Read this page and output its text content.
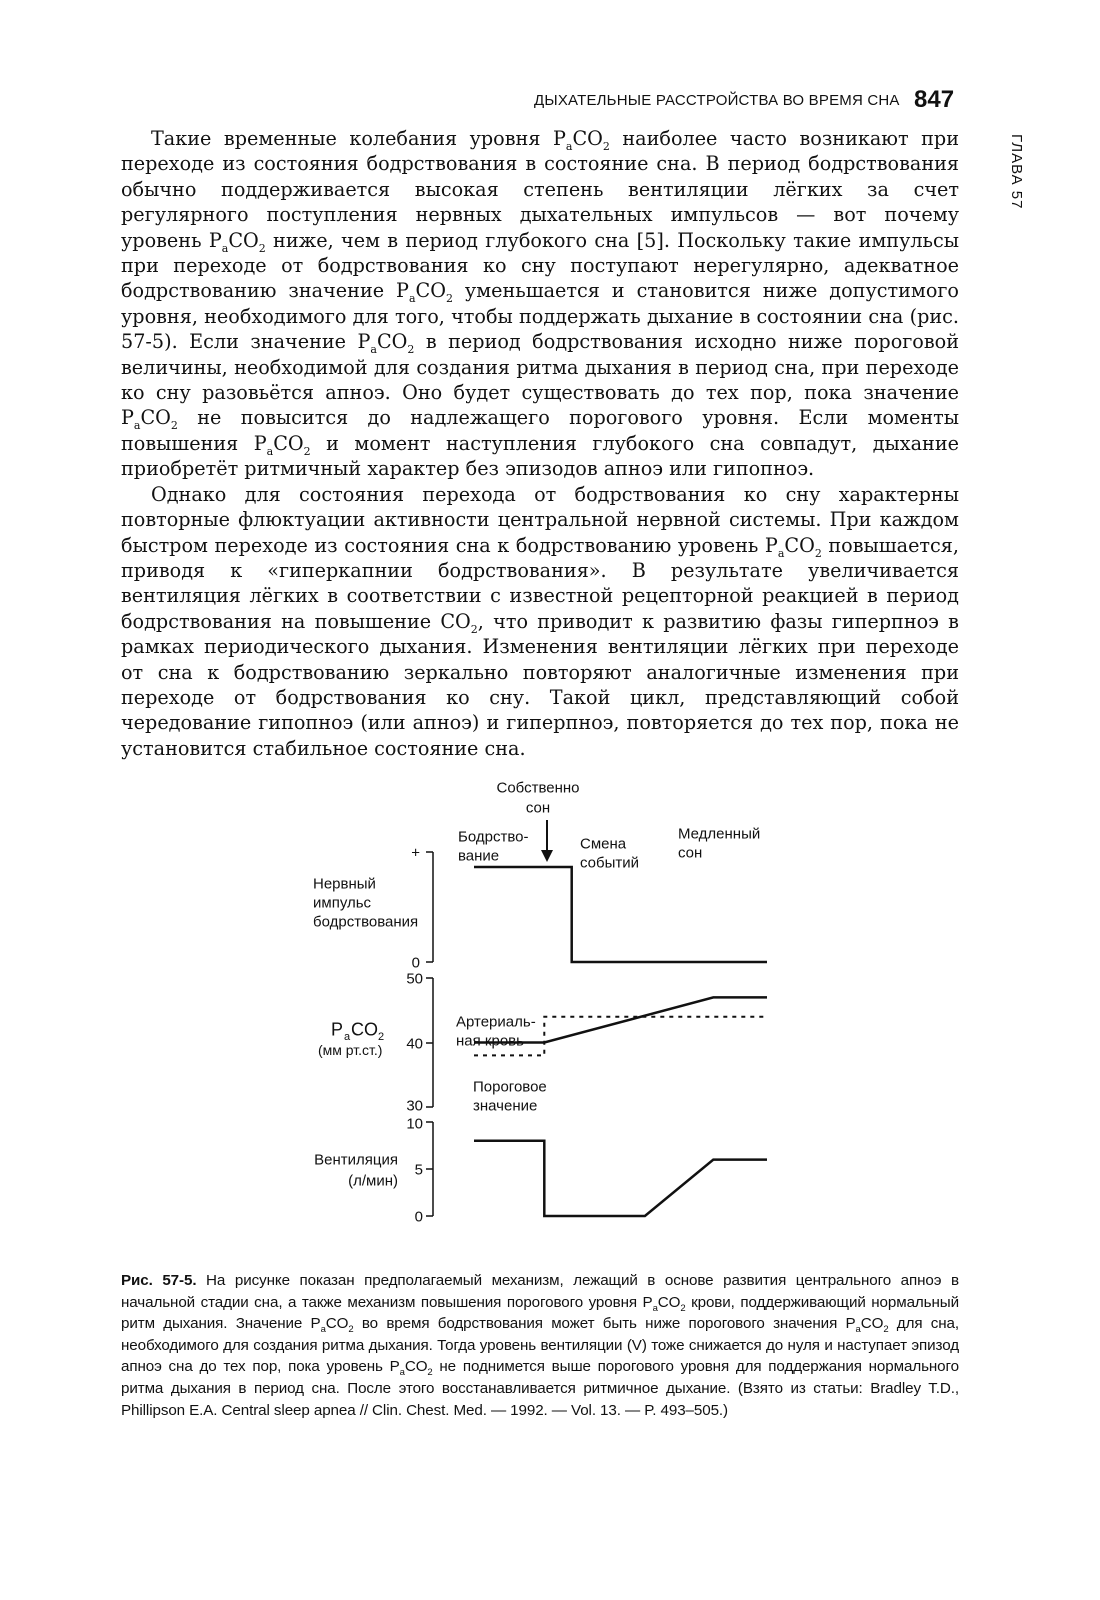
ДЫХАТЕЛЬНЫЕ РАССТРОЙСТВА ВО ВРЕМЯ СНА 847
ГЛАВА 57

Такие временные колебания уровня $P_aCO_2$ наиболее часто возникают при переходе из состояния бодрствования в состояние сна. В период бодрствования обычно поддерживается высокая степень вентиляции лёгких за счет регулярного поступления нервных дыхательных импульсов — вот почему уровень $P_aCO_2$ ниже, чем в период глубокого сна [5]. Поскольку такие импульсы при переходе от бодрствования ко сну поступают нерегулярно, адекватное бодрствованию значение $P_aCO_2$ уменьшается и становится ниже допустимого уровня, необходимого для того, чтобы поддержать дыхание в состоянии сна (рис. 57-5). Если значение $P_aCO_2$ в период бодрствования исходно ниже пороговой величины, необходимой для создания ритма дыхания в период сна, при переходе ко сну разовьётся апноэ. Оно будет существовать до тех пор, пока значение $P_aCO_2$ не повысится до надлежащего порогового уровня. Если моменты повышения $P_aCO_2$ и момент наступления глубокого сна совпадут, дыхание приобретёт ритмичный характер без эпизодов апноэ или гипопноэ.

Однако для состояния перехода от бодрствования ко сну характерны повторные флюктуации активности центральной нервной системы. При каждом быстром переходе из состояния сна к бодрствованию уровень $P_aCO_2$ повышается, приводя к «гиперкапнии бодрствования». В результате увеличивается вентиляция лёгких в соответствии с известной рецепторной реакцией в период бодрствования на повышение $CO_2$, что приводит к развитию фазы гиперпноэ в рамках периодического дыхания. Изменения вентиляции лёгких при переходе от сна к бодрствованию зеркально повторяют аналогичные изменения при переходе от бодрствования ко сну. Такой цикл, представляющий собой чередование гипопноэ (или апноэ) и гиперпноэ, повторяется до тех пор, пока не установится стабильное состояние сна.

Собственно
сон
Бодрство-
вание
Смена
событий
Медленный
сон
+
0
Нервный
импульс
бодрствования
50
40
30
P a CO 2
(мм рт.ст.)
Артериаль-
ная кровь
Пороговое
значение
10
5
0
Вентиляция
(л/мин)
Рис. 57-5. На рисунке показан предполагаемый механизм, лежащий в основе развития центрального апноэ в начальной стадии сна, а также механизм повышения порогового уровня $P_aCO_2$ крови, поддерживающий нормальный ритм дыхания. Значение $P_aCO_2$ во время бодрствования может быть ниже порогового значения $P_aCO_2$ для сна, необходимого для создания ритма дыхания. Тогда уровень вентиляции (V) тоже снижается до нуля и наступает эпизод апноэ сна до тех пор, пока уровень $P_aCO_2$ не поднимется выше порогового уровня для поддержания нормального ритма дыхания в период сна. После этого восстанавливается ритмичное дыхание. (Взято из статьи: Bradley T.D., Phillipson E.A. Central sleep apnea // Clin. Chest. Med. — 1992. — Vol. 13. — P. 493–505.)
